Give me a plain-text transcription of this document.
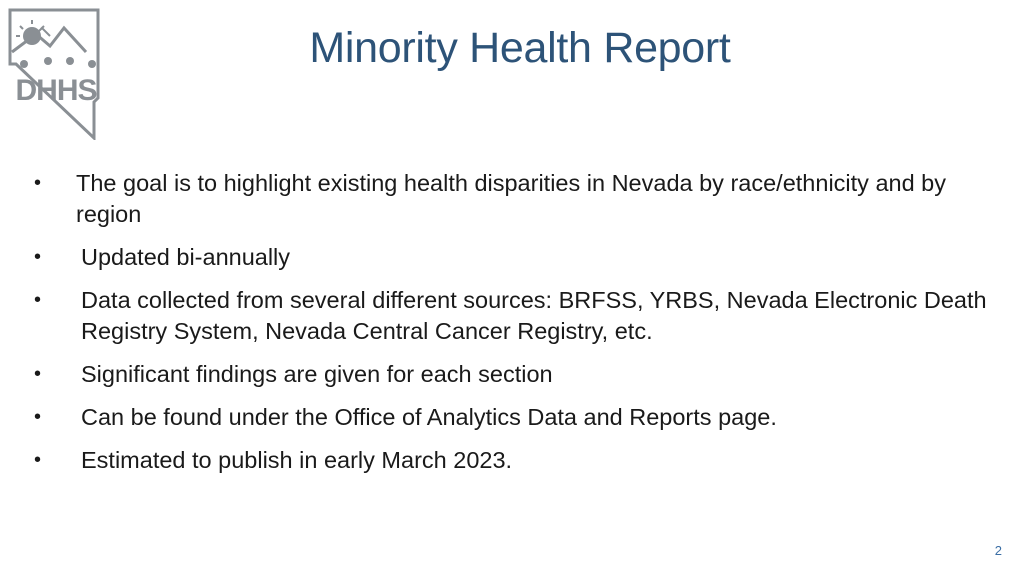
DHHS
Minority Health Report
•	The goal is to highlight existing health disparities in Nevada by race/ethnicity and by region
•	Updated bi-annually
•	Data collected from several different sources: BRFSS, YRBS, Nevada Electronic Death Registry System, Nevada Central Cancer Registry, etc.
•	Significant findings are given for each section
•	Can be found under the Office of Analytics Data and Reports page.
•	Estimated to publish in early March 2023.
2
